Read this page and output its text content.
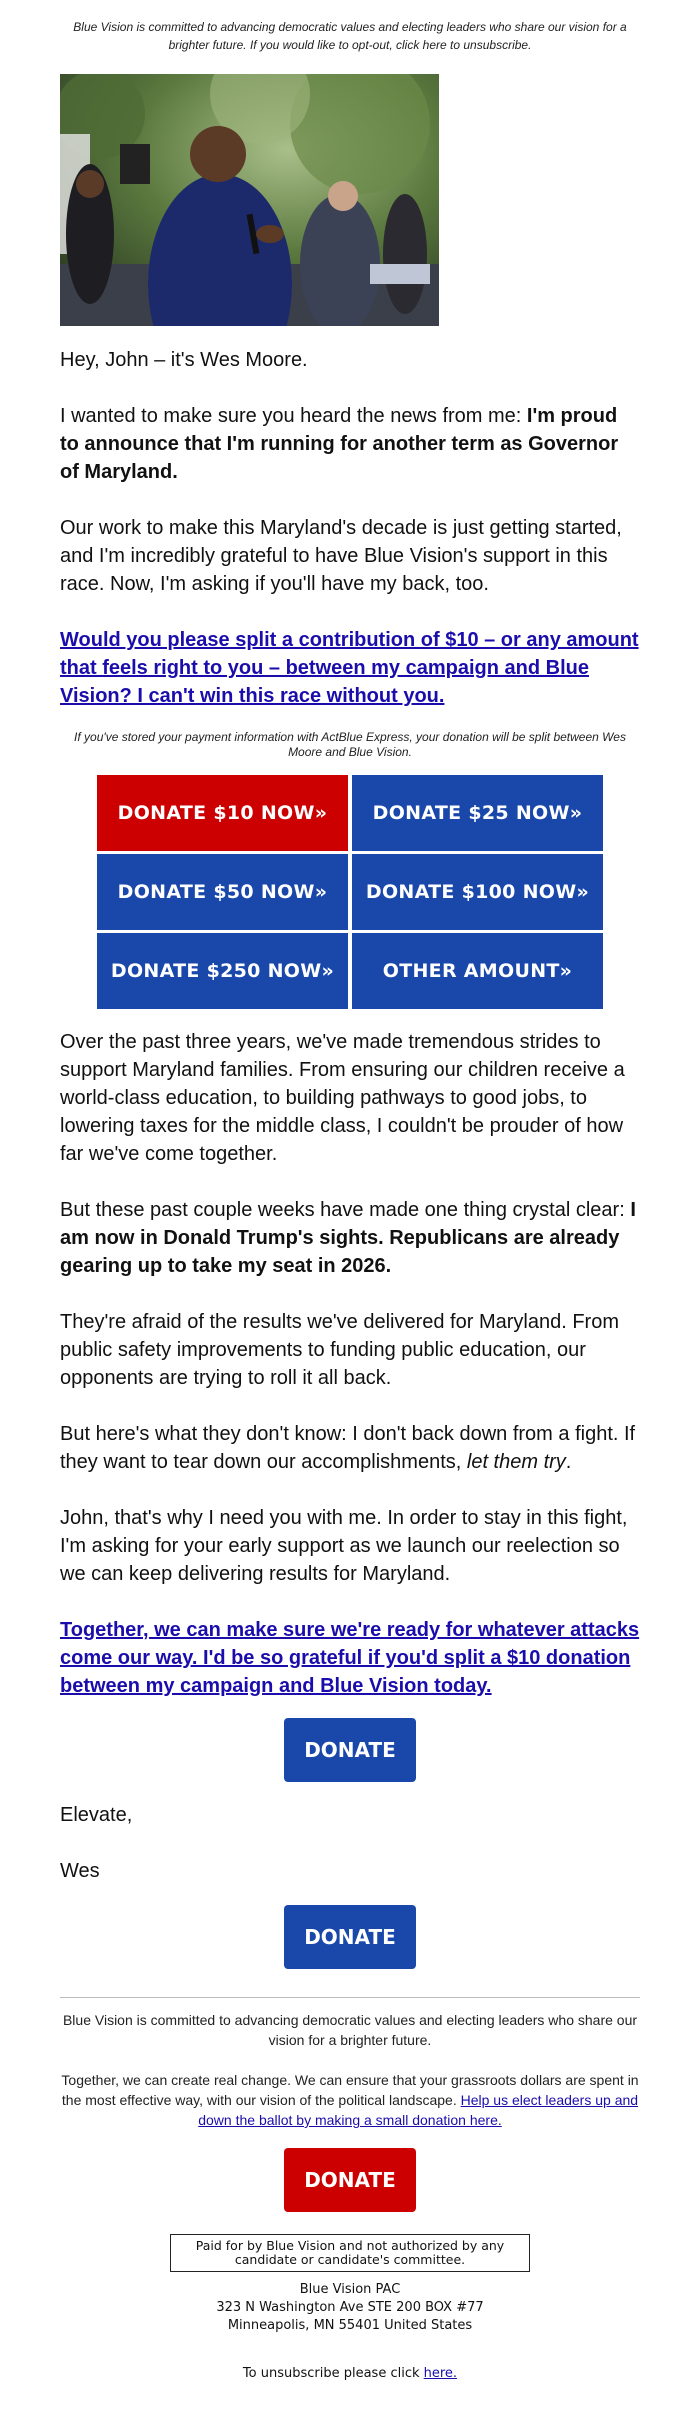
Blue Vision is committed to advancing democratic values and electing leaders who share our vision for a brighter future. If you would like to opt-out, click here to unsubscribe.

Hey, John – it's Wes Moore.

I wanted to make sure you heard the news from me: I'm proud to announce that I'm running for another term as Governor of Maryland.

Our work to make this Maryland's decade is just getting started, and I'm incredibly grateful to have Blue Vision's support in this race. Now, I'm asking if you'll have my back, too.

Would you please split a contribution of $10 – or any amount that feels right to you – between my campaign and Blue Vision? I can't win this race without you.

If you've stored your payment information with ActBlue Express, your donation will be split between Wes Moore and Blue Vision.
DONATE $10 NOW»	DONATE $25 NOW»
DONATE $50 NOW»	DONATE $100 NOW»
DONATE $250 NOW»	OTHER AMOUNT»

Over the past three years, we've made tremendous strides to support Maryland families. From ensuring our children receive a world-class education, to building pathways to good jobs, to lowering taxes for the middle class, I couldn't be prouder of how far we've come together.

But these past couple weeks have made one thing crystal clear: I am now in Donald Trump's sights. Republicans are already gearing up to take my seat in 2026.

They're afraid of the results we've delivered for Maryland. From public safety improvements to funding public education, our opponents are trying to roll it all back.

But here's what they don't know: I don't back down from a fight. If they want to tear down our accomplishments, let them try.

John, that's why I need you with me. In order to stay in this fight, I'm asking for your early support as we launch our reelection so we can keep delivering results for Maryland.

Together, we can make sure we're ready for whatever attacks come our way. I'd be so grateful if you'd split a $10 donation between my campaign and Blue Vision today.

DONATE

Elevate,

Wes

DONATE
Blue Vision is committed to advancing democratic values and electing leaders who share our vision for a brighter future.
Together, we can create real change. We can ensure that your grassroots dollars are spent in the most effective way, with our vision of the political landscape. Help us elect leaders up and down the ballot by making a small donation here.
DONATE
Paid for by Blue Vision and not authorized by any candidate or candidate's committee.
Blue Vision PAC
323 N Washington Ave STE 200 BOX #77
Minneapolis, MN 55401 United States
To unsubscribe please click here.
